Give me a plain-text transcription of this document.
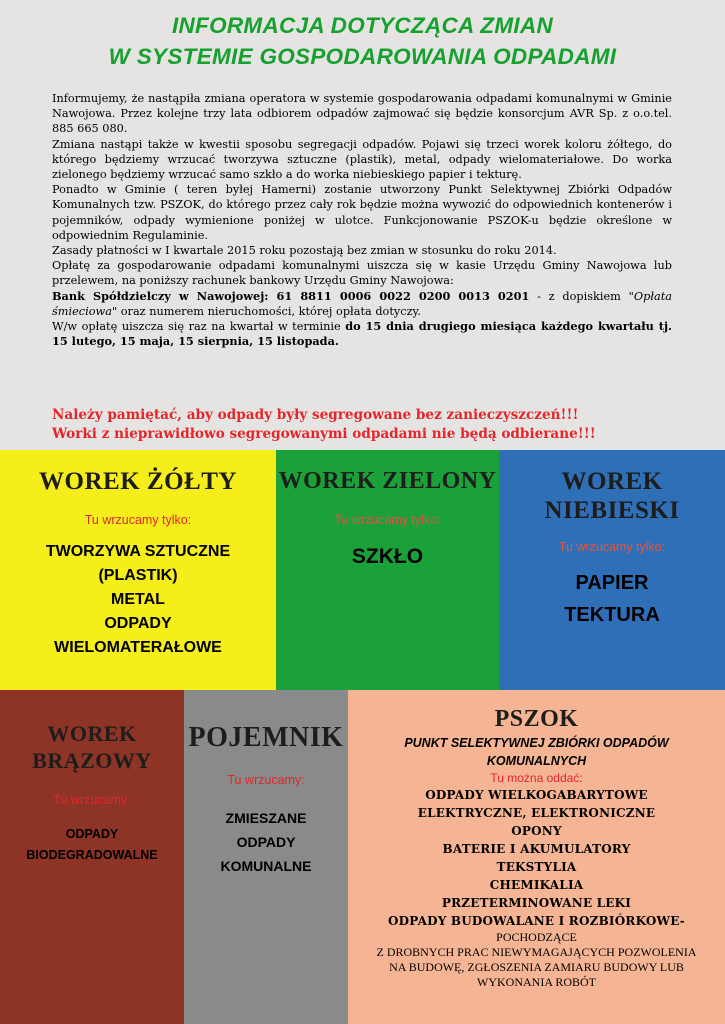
INFORMACJA DOTYCZĄCA ZMIAN
W SYSTEMIE GOSPODAROWANIA ODPADAMI

Informujemy, że nastąpiła zmiana operatora w systemie gospodarowania odpadami komunalnymi w Gminie Nawojowa. Przez kolejne trzy lata odbiorem odpadów zajmować się będzie konsorcjum AVR Sp. z o.o.tel. 885 665 080.

Zmiana nastąpi także w kwestii sposobu segregacji odpadów. Pojawi się trzeci worek koloru żółtego, do którego będziemy wrzucać tworzywa sztuczne (plastik), metal, odpady wielomateriałowe. Do worka zielonego będziemy wrzucać samo szkło a do worka niebieskiego papier i tekturę.

Ponadto w Gminie ( teren byłej Hamerni) zostanie utworzony Punkt Selektywnej Zbiórki Odpadów Komunalnych tzw. PSZOK, do którego przez cały rok będzie można wywozić do odpowiednich kontenerów i pojemników, odpady wymienione poniżej w ulotce. Funkcjonowanie PSZOK-u będzie określone w odpowiednim Regulaminie.

Zasady płatności w I kwartale 2015 roku pozostają bez zmian w stosunku do roku 2014.

Opłatę za gospodarowanie odpadami komunalnymi uiszcza się w kasie Urzędu Gminy Nawojowa lub przelewem, na poniższy rachunek bankowy Urzędu Gminy Nawojowa:

Bank Spółdzielczy w Nawojowej: 61 8811 0006 0022 0200 0013 0201 - z dopiskiem "Opłata śmieciowa" oraz numerem nieruchomości, której opłata dotyczy.

W/w opłatę uiszcza się raz na kwartał w terminie do 15 dnia drugiego miesiąca każdego kwartału tj. 15 lutego, 15 maja, 15 sierpnia, 15 listopada.

Należy pamiętać, aby odpady były segregowane bez zanieczyszczeń!!!
Worki z nieprawidłowo segregowanymi odpadami nie będą odbierane!!!
WOREK ŻÓŁTY
Tu wrzucamy tylko:
TWORZYWA SZTUCZNE
(PLASTIK)
METAL
ODPADY
WIELOMATERAŁOWE
WOREK ZIELONY
Tu wrzucamy tylko:
SZKŁO
WOREK
NIEBIESKI
Tu wrzucamy tylko:
PAPIER
TEKTURA
WOREK
BRĄZOWY
Tu wrzucamy:
ODPADY
BIODEGRADOWALNE
POJEMNIK
Tu wrzucamy:
ZMIESZANE
ODPADY
KOMUNALNE
PSZOK
PUNKT SELEKTYWNEJ ZBIÓRKI ODPADÓW
KOMUNALNYCH
Tu można oddać:
ODPADY WIELKOGABARYTOWE
ELEKTRYCZNE, ELEKTRONICZNE
OPONY
BATERIE I AKUMULATORY
TEKSTYLIA
CHEMIKALIA
PRZETERMINOWANE LEKI
ODPADY BUDOWALANE I ROZBIÓRKOWE-
POCHODZĄCE
Z DROBNYCH PRAC NIEWYMAGAJĄCYCH POZWOLENIA
NA BUDOWĘ, ZGŁOSZENIA ZAMIARU BUDOWY LUB
WYKONANIA ROBÓT
